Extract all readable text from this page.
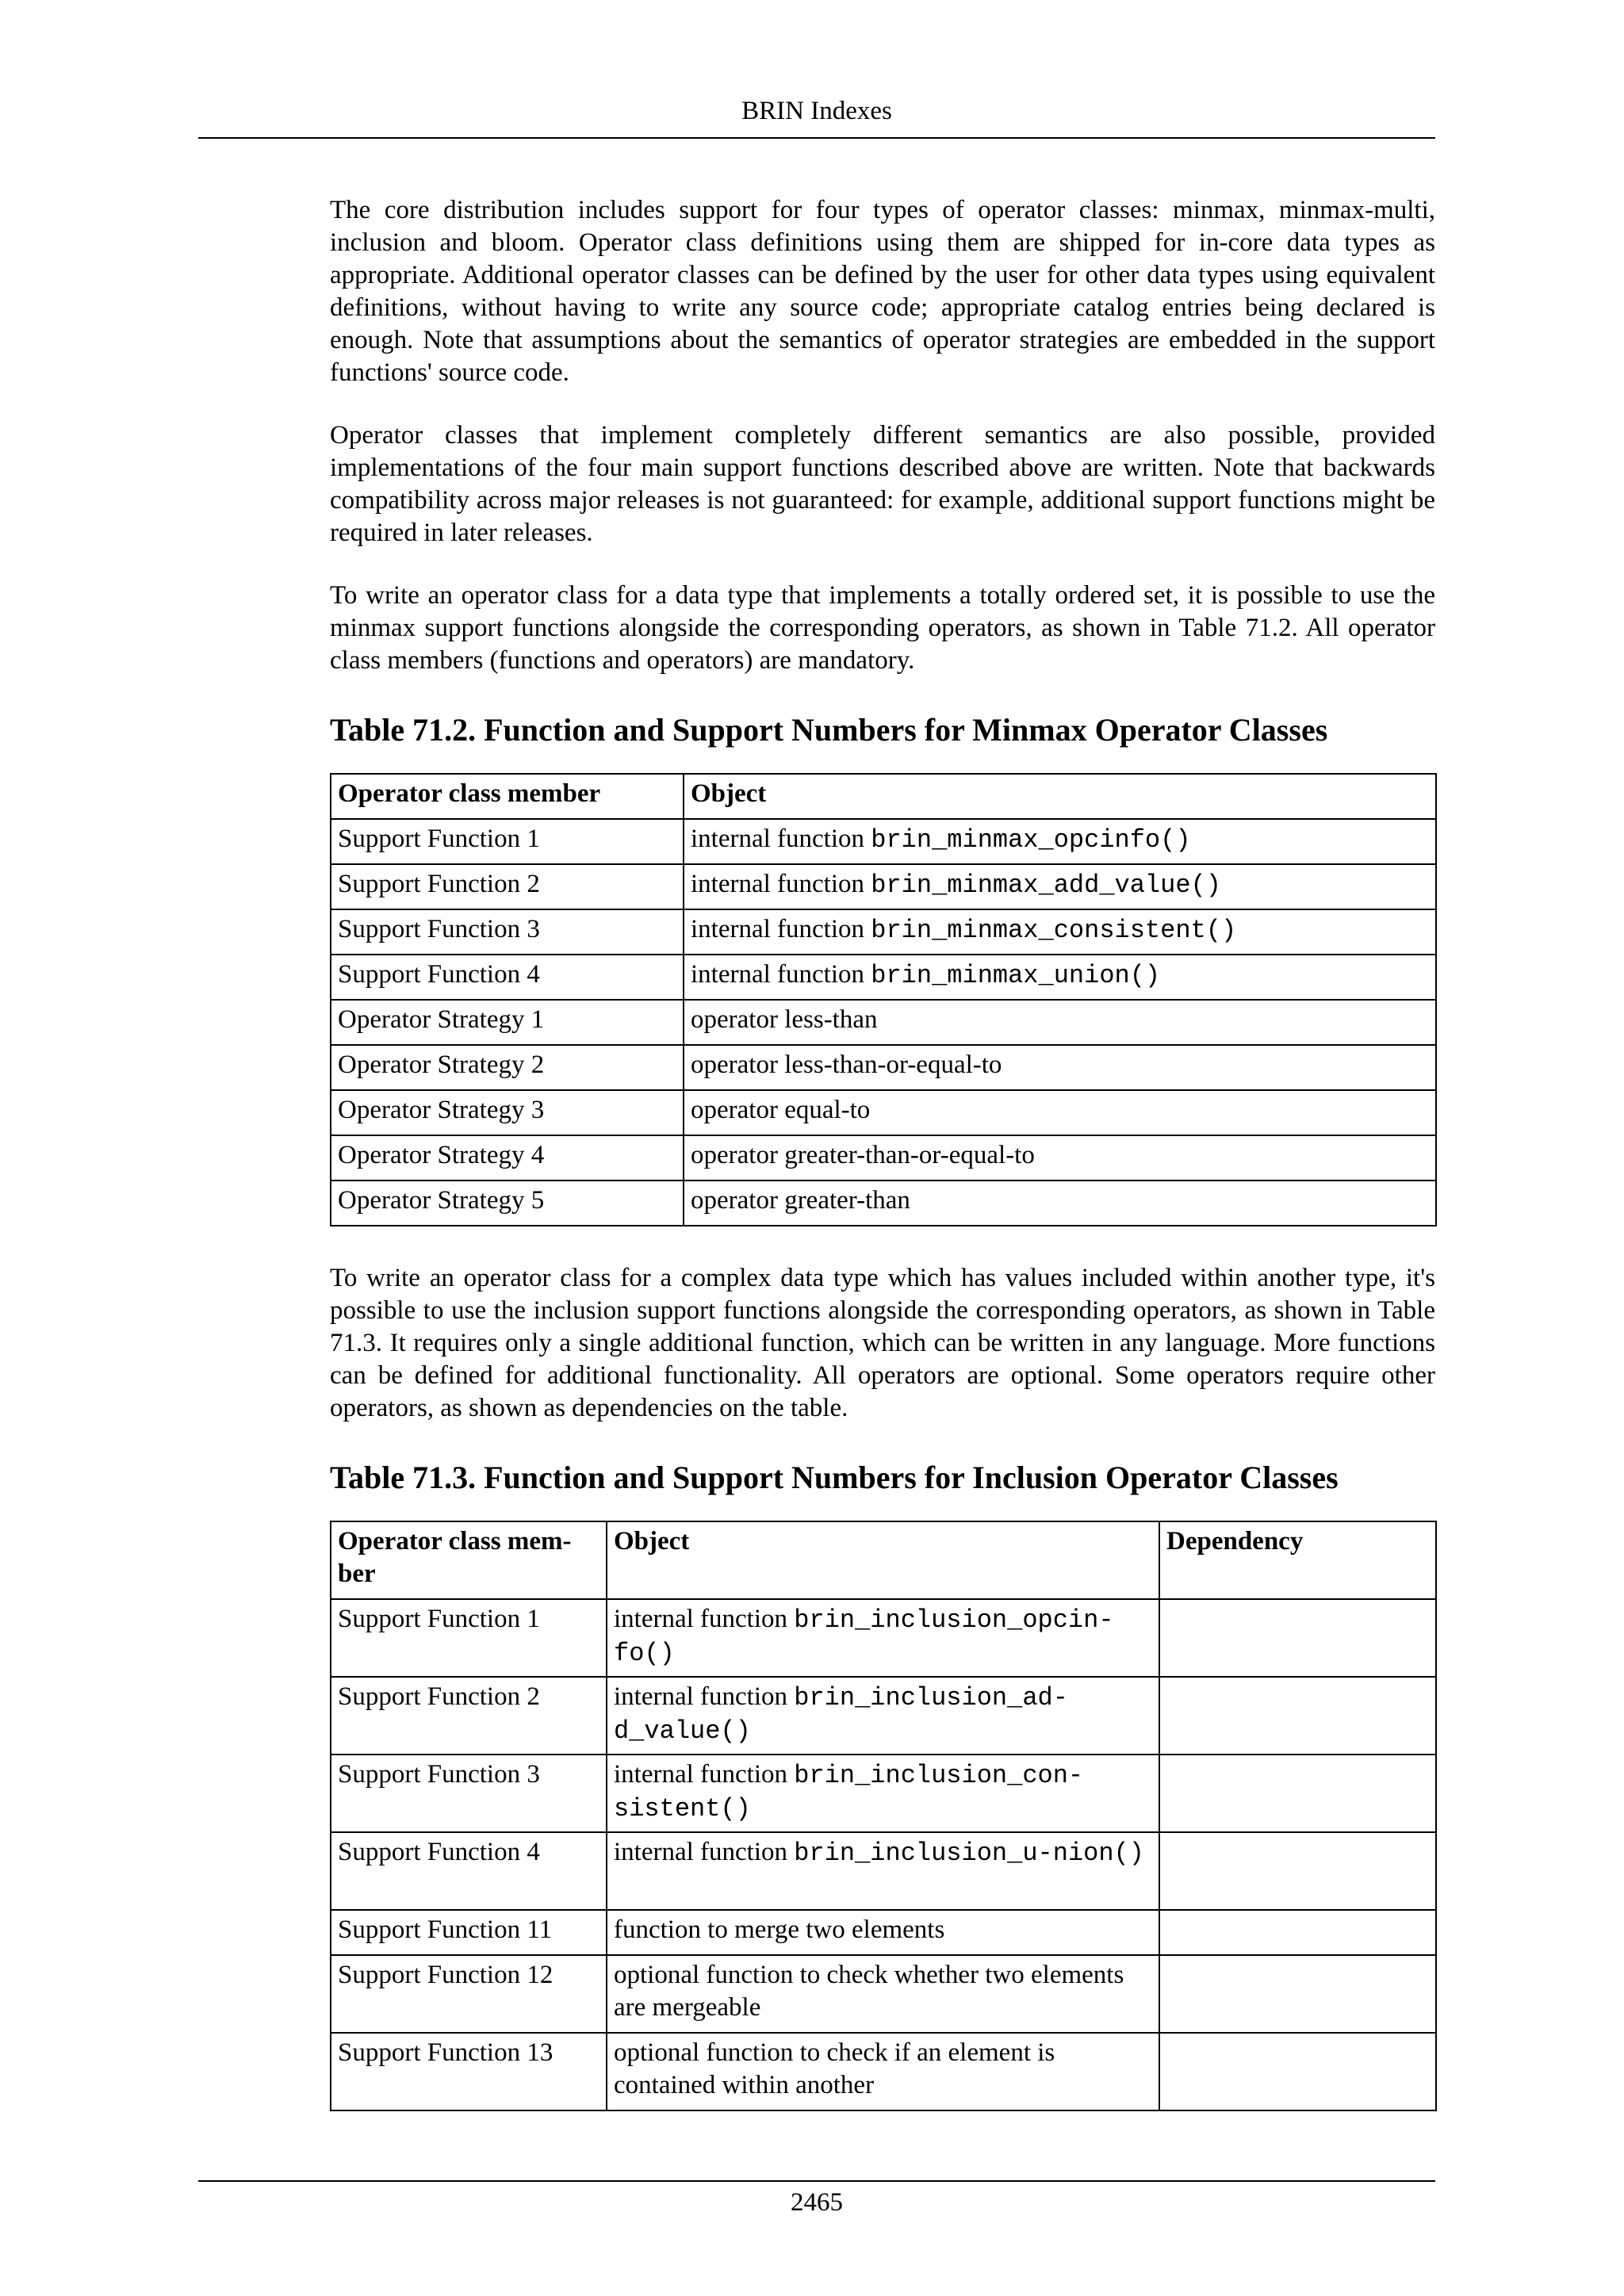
BRIN Indexes

The core distribution includes support for four types of operator classes: minmax, minmax-multi, inclusion and bloom. Operator class definitions using them are shipped for in-core data types as appropriate. Additional operator classes can be defined by the user for other data types using equivalent definitions, without having to write any source code; appropriate catalog entries being declared is enough. Note that assumptions about the semantics of operator strategies are embedded in the support functions' source code.

Operator classes that implement completely different semantics are also possible, provided implementations of the four main support functions described above are written. Note that backwards compatibility across major releases is not guaranteed: for example, additional support functions might be required in later releases.

To write an operator class for a data type that implements a totally ordered set, it is possible to use the minmax support functions alongside the corresponding operators, as shown in Table 71.2. All operator class members (functions and operators) are mandatory.

Table 71.2. Function and Support Numbers for Minmax Operator Classes
Operator class member	Object
Support Function 1	internal function brin_minmax_opcinfo()
Support Function 2	internal function brin_minmax_add_value()
Support Function 3	internal function brin_minmax_consistent()
Support Function 4	internal function brin_minmax_union()
Operator Strategy 1	operator less-than
Operator Strategy 2	operator less-than-or-equal-to
Operator Strategy 3	operator equal-to
Operator Strategy 4	operator greater-than-or-equal-to
Operator Strategy 5	operator greater-than

To write an operator class for a complex data type which has values included within another type, it's possible to use the inclusion support functions alongside the corresponding operators, as shown in Table 71.3. It requires only a single additional function, which can be written in any language. More functions can be defined for additional functionality. All operators are optional. Some operators require other operators, as shown as dependencies on the table.

Table 71.3. Function and Support Numbers for Inclusion Operator Classes
Operator class mem-ber	Object	Dependency
Support Function 1	internal function brin_inclusion_opcin-fo()	
Support Function 2	internal function brin_inclusion_ad-d_value()	
Support Function 3	internal function brin_inclusion_con-sistent()	
Support Function 4	internal function brin_inclusion_u-nion()	
Support Function 11	function to merge two elements	
Support Function 12	optional function to check whether two elements are mergeable	
Support Function 13	optional function to check if an element is contained within another	
2465
